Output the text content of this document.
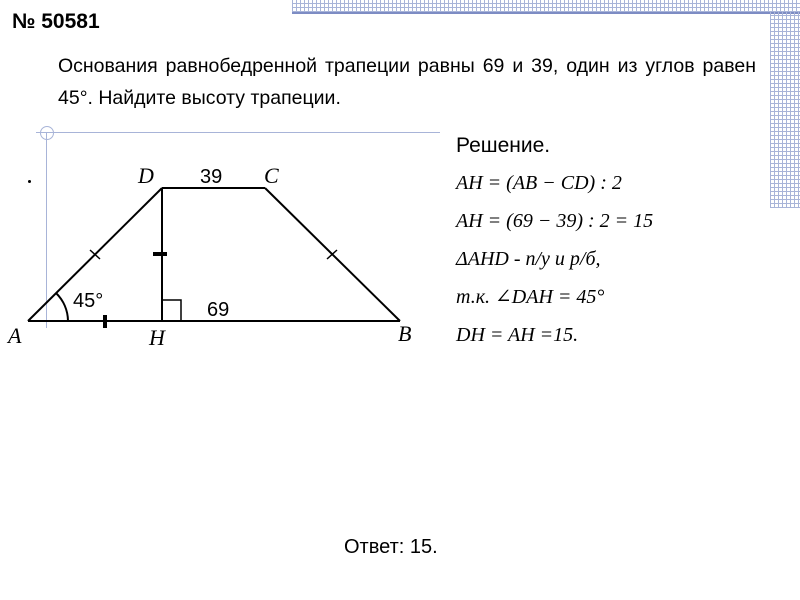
№ 50581
Основания равнобедренной трапеции равны 69 и 39, один из углов равен 45°. Найдите высоту трапеции.
D 39 C
45°	69
A	H	B
Решение.
AH = (AB − CD) : 2
AH = (69 − 39) : 2 = 15
ΔAHD - п/у и р/б,
т.к. ∠DAH = 45°
DH = AH =15.
Ответ: 15.
